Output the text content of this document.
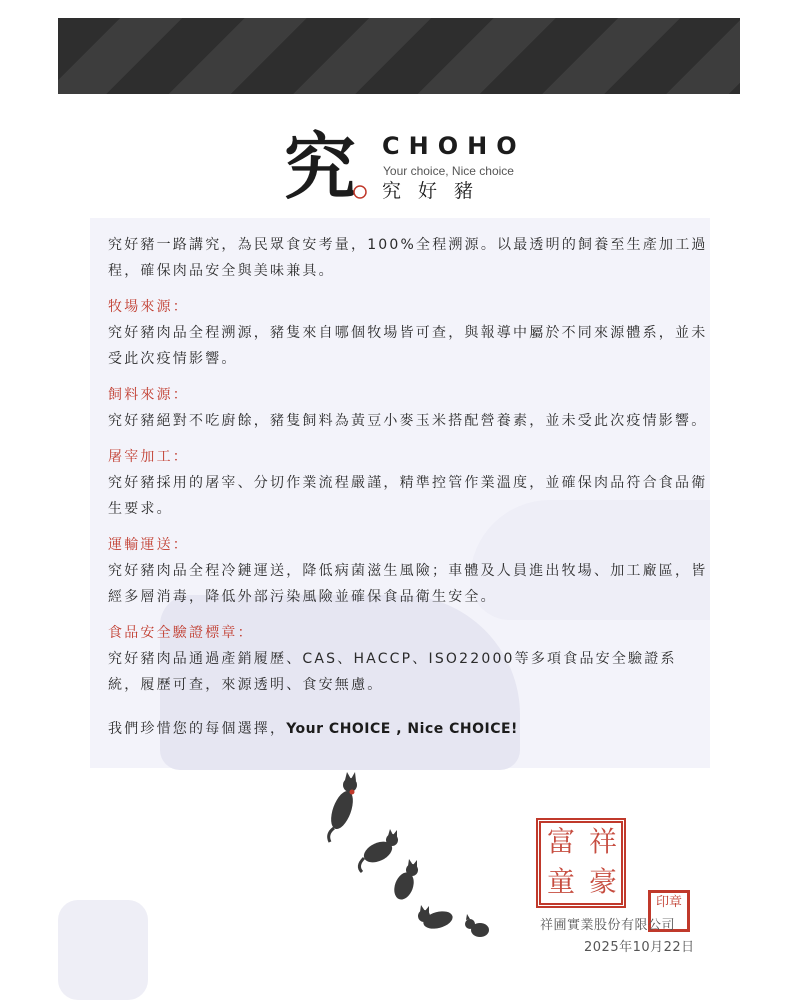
究 CHOHO
Your choice, Nice choice
究好豬

究好豬一路講究，為民眾食安考量，100%全程溯源。以最透明的飼養至生產加工過程，確保肉品安全與美味兼具。

牧場來源：

究好豬肉品全程溯源，豬隻來自哪個牧場皆可查，與報導中屬於不同來源體系，並未受此次疫情影響。

飼料來源：

究好豬絕對不吃廚餘，豬隻飼料為黃豆小麥玉米搭配營養素，並未受此次疫情影響。

屠宰加工：

究好豬採用的屠宰、分切作業流程嚴謹，精準控管作業溫度，並確保肉品符合食品衛生要求。

運輸運送：

究好豬肉品全程冷鏈運送，降低病菌滋生風險；車體及人員進出牧場、加工廠區，皆經多層消毒，降低外部污染風險並確保食品衛生安全。

食品安全驗證標章：

究好豬肉品通過產銷履歷、CAS、HACCP、ISO22000等多項食品安全驗證系統，履歷可查，來源透明、食安無慮。

我們珍惜您的每個選擇，Your CHOICE , Nice CHOICE!

祥
豪
富
童
印章
祥圃實業股份有限公司
2025年10月22日
